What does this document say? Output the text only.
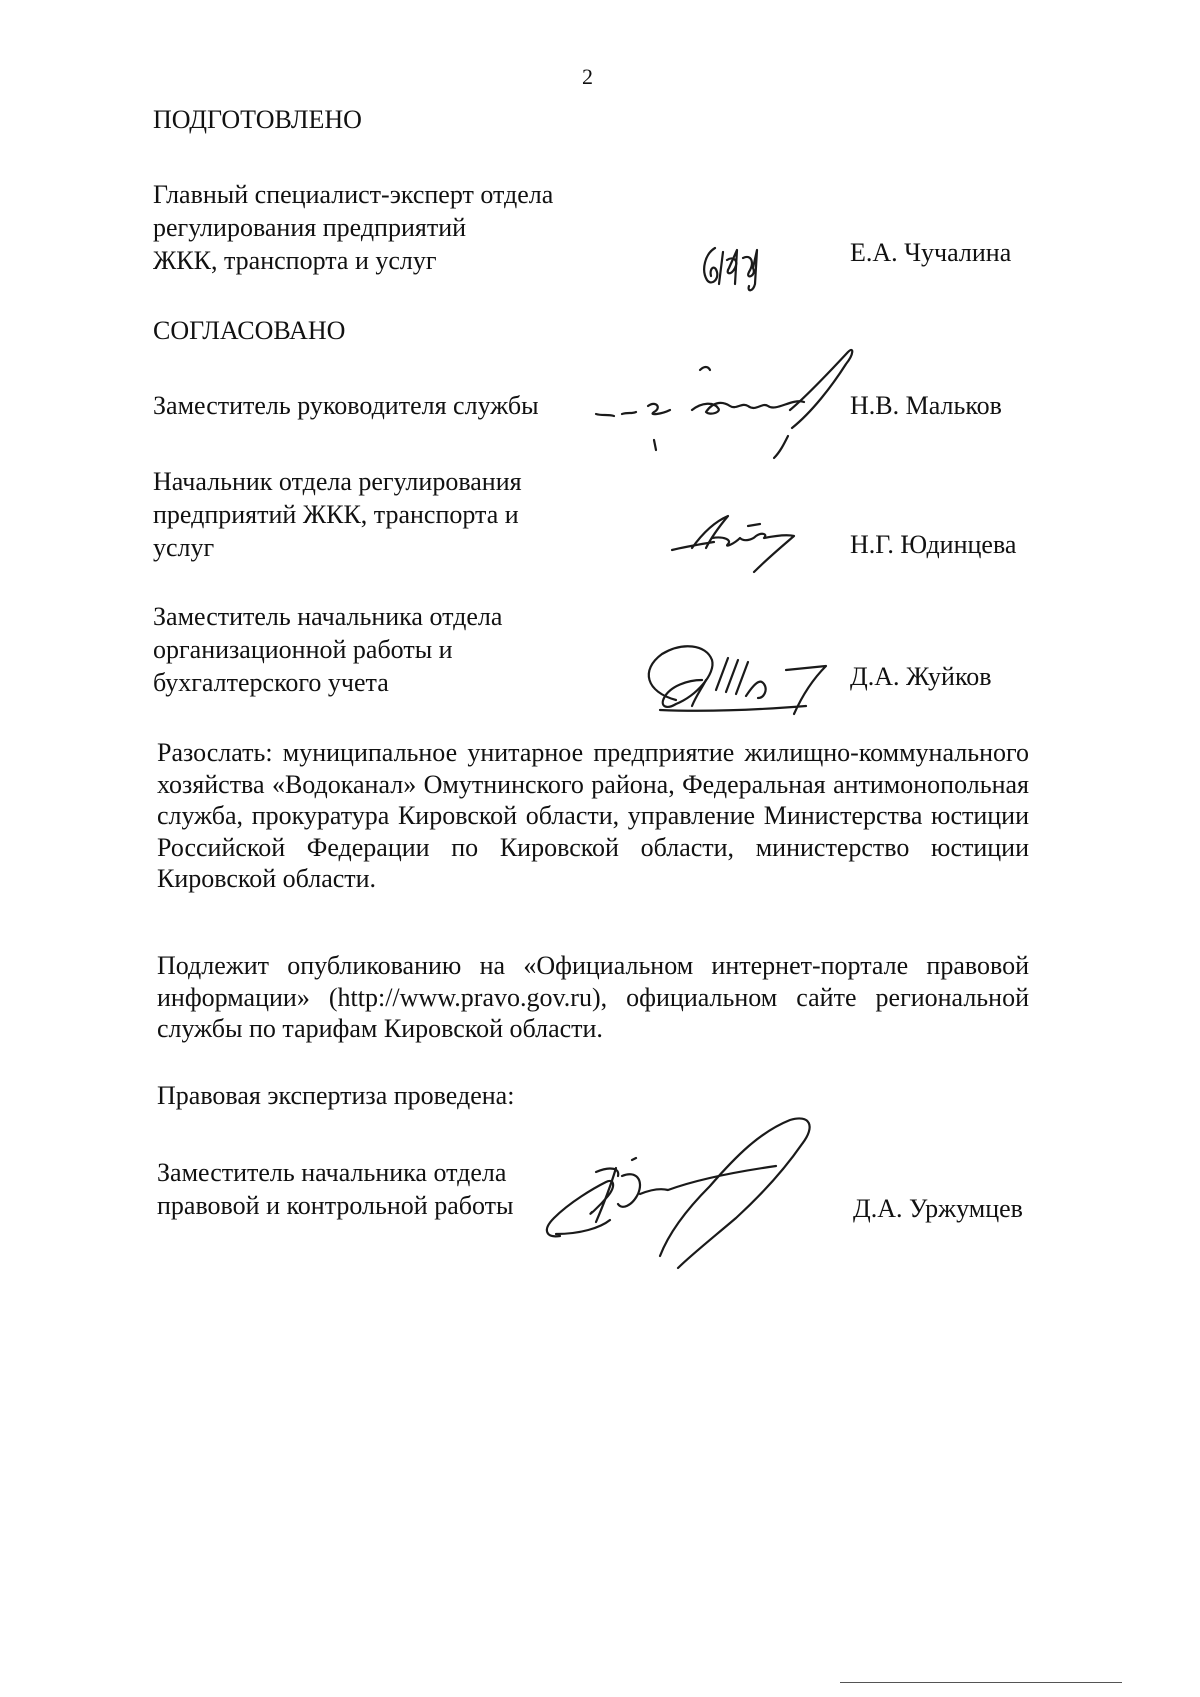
2
ПОДГОТОВЛЕНО
Главный специалист-эксперт отдела
регулирования предприятий
ЖКК, транспорта и услуг	Е.А. Чучалина
СОГЛАСОВАНО
Заместитель руководителя службы	Н.В. Мальков
Начальник отдела регулирования
предприятий ЖКК, транспорта и
услуг	Н.Г. Юдинцева
Заместитель начальника отдела
организационной работы и
бухгалтерского учета	Д.А. Жуйков
Разослать: муниципальное унитарное предприятие жилищно-коммунального хозяйства «Водоканал» Омутнинского района, Федеральная антимонопольная служба, прокуратура Кировской области, управление Министерства юстиции Российской Федерации по Кировской области, министерство юстиции Кировской области.
Подлежит опубликованию на «Официальном интернет-портале правовой информации» (http://www.pravo.gov.ru), официальном сайте региональной службы по тарифам Кировской области.
Правовая экспертиза проведена:
Заместитель начальника отдела
правовой и контрольной работы	Д.А. Уржумцев
